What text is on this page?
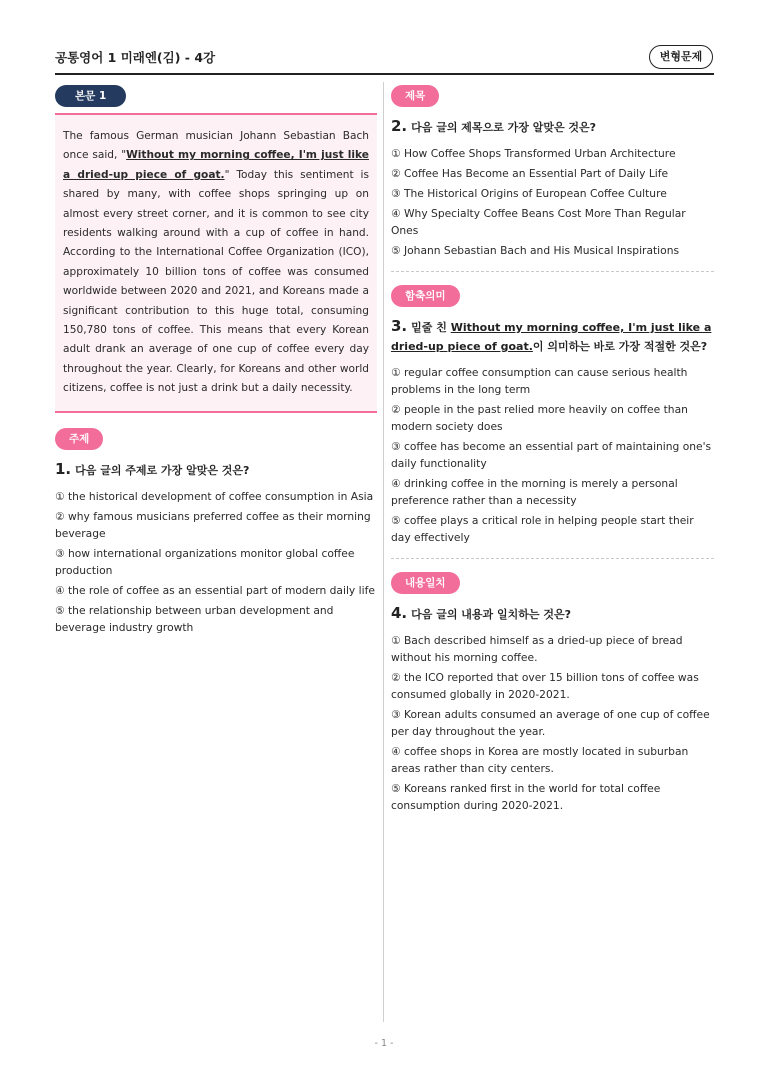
공통영어 1 미래엔(김) - 4강	변형문제
본문 1
The famous German musician Johann Sebastian Bach once said, "Without my morning coffee, I'm just like a dried-up piece of goat." Today this sentiment is shared by many, with coffee shops springing up on almost every street corner, and it is common to see city residents walking around with a cup of coffee in hand. According to the International Coffee Organization (ICO), approximately 10 billion tons of coffee was consumed worldwide between 2020 and 2021, and Koreans made a significant contribution to this huge total, consuming 150,780 tons of coffee. This means that every Korean adult drank an average of one cup of coffee every day throughout the year. Clearly, for Koreans and other world citizens, coffee is not just a drink but a daily necessity.
주제
1. 다음 글의 주제로 가장 알맞은 것은?
① the historical development of coffee consumption in Asia
② why famous musicians preferred coffee as their morning beverage
③ how international organizations monitor global coffee production
④ the role of coffee as an essential part of modern daily life
⑤ the relationship between urban development and beverage industry growth
제목
2. 다음 글의 제목으로 가장 알맞은 것은?
① How Coffee Shops Transformed Urban Architecture
② Coffee Has Become an Essential Part of Daily Life
③ The Historical Origins of European Coffee Culture
④ Why Specialty Coffee Beans Cost More Than Regular Ones
⑤ Johann Sebastian Bach and His Musical Inspirations
함축의미
3. 밑줄 친 Without my morning coffee, I'm just like a dried-up piece of goat.이 의미하는 바로 가장 적절한 것은?
① regular coffee consumption can cause serious health problems in the long term
② people in the past relied more heavily on coffee than modern society does
③ coffee has become an essential part of maintaining one's daily functionality
④ drinking coffee in the morning is merely a personal preference rather than a necessity
⑤ coffee plays a critical role in helping people start their day effectively
내용일치
4. 다음 글의 내용과 일치하는 것은?
① Bach described himself as a dried-up piece of bread without his morning coffee.
② the ICO reported that over 15 billion tons of coffee was consumed globally in 2020-2021.
③ Korean adults consumed an average of one cup of coffee per day throughout the year.
④ coffee shops in Korea are mostly located in suburban areas rather than city centers.
⑤ Koreans ranked first in the world for total coffee consumption during 2020-2021.
- 1 -
